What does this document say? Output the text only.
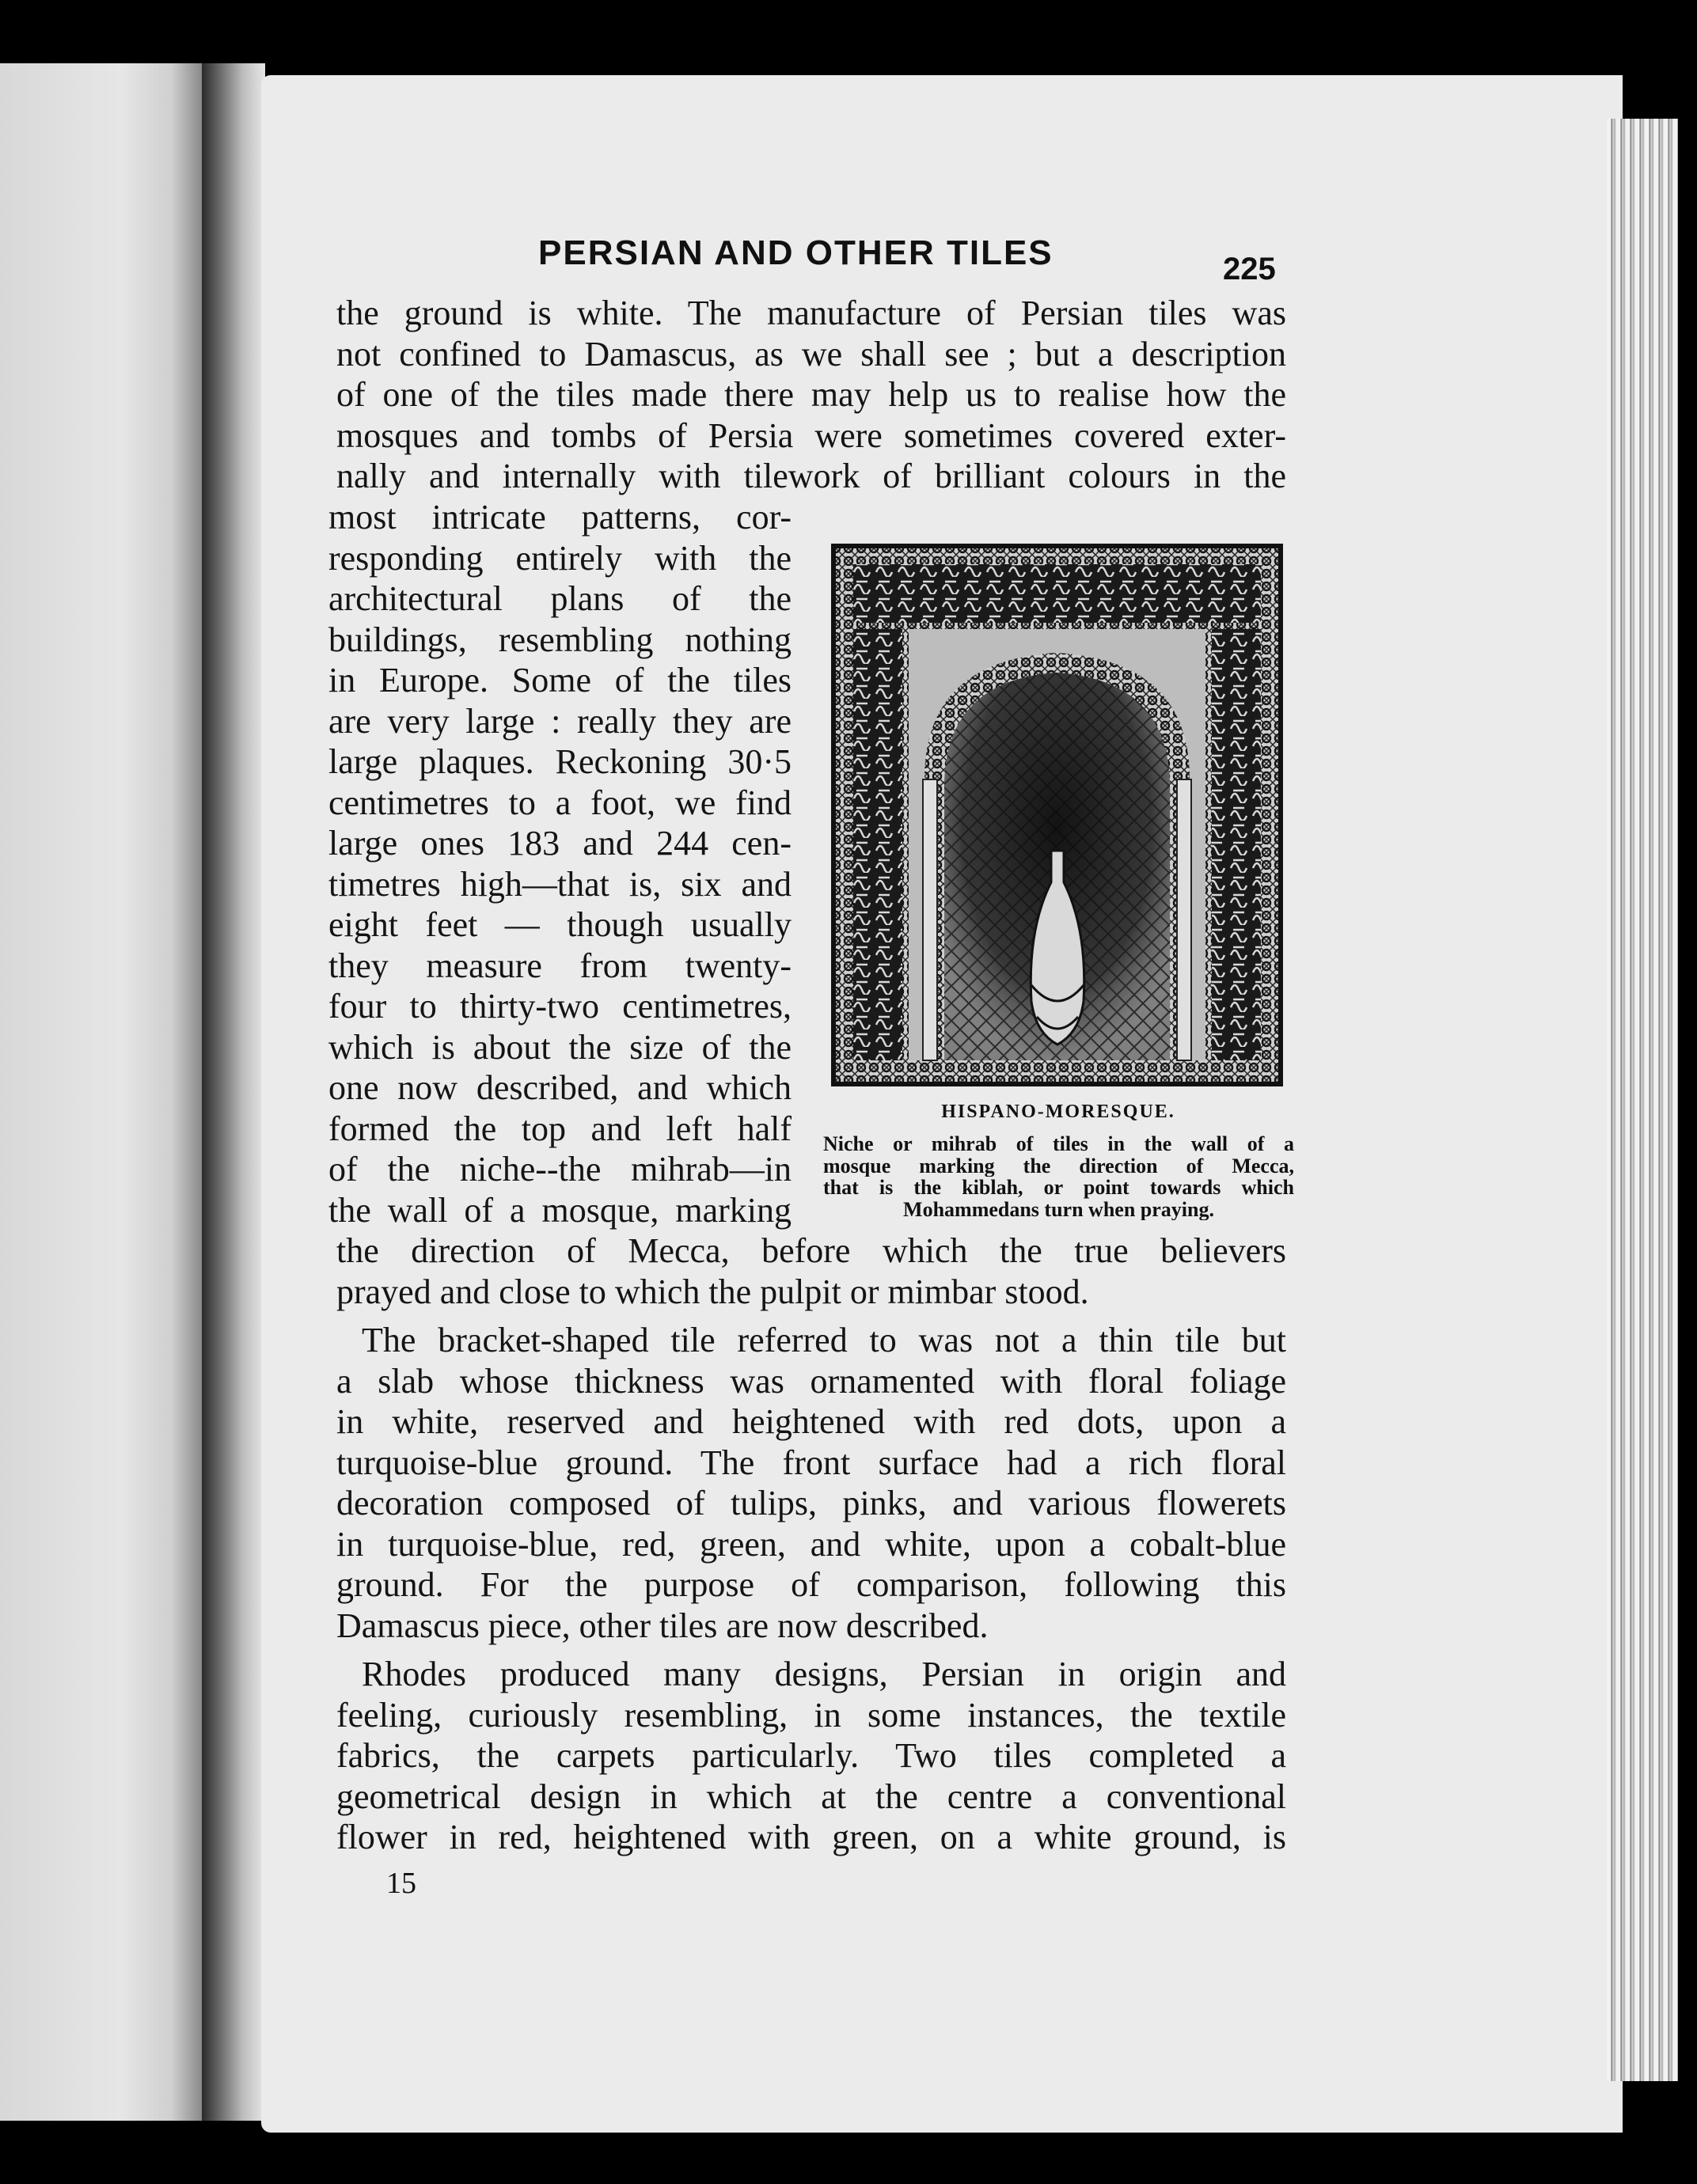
PERSIAN AND OTHER TILES	225

the ground is white. The manufacture of Persian tiles was
not confined to Damascus, as we shall see ; but a description
of one of the tiles made there may help us to realise how the
mosques and tombs of Persia were sometimes covered exter-
nally and internally with tilework of brilliant colours in the

most intricate patterns, cor-
responding entirely with the
architectural plans of the
buildings, resembling nothing
in Europe. Some of the tiles
are very large : really they are
large plaques. Reckoning 30·5
centimetres to a foot, we find
large ones 183 and 244 cen-
timetres high—that is, six and
eight feet — though usually
they measure from twenty-
four to thirty-two centimetres,
which is about the size of the
one now described, and which
formed the top and left half
of the niche--the mihrab—in
the wall of a mosque, marking

HISPANO-MORESQUE.
Niche or mihrab of tiles in the wall of a
mosque marking the direction of Mecca,
that is the kiblah, or point towards which
Mohammedans turn when praying.

the direction of Mecca, before which the true believers
prayed and close to which the pulpit or mimbar stood.

The bracket-shaped tile referred to was not a thin tile but
a slab whose thickness was ornamented with floral foliage
in white, reserved and heightened with red dots, upon a
turquoise-blue ground. The front surface had a rich floral
decoration composed of tulips, pinks, and various flowerets
in turquoise-blue, red, green, and white, upon a cobalt-blue
ground. For the purpose of comparison, following this
Damascus piece, other tiles are now described.

Rhodes produced many designs, Persian in origin and
feeling, curiously resembling, in some instances, the textile
fabrics, the carpets particularly. Two tiles completed a
geometrical design in which at the centre a conventional
flower in red, heightened with green, on a white ground, is

15
